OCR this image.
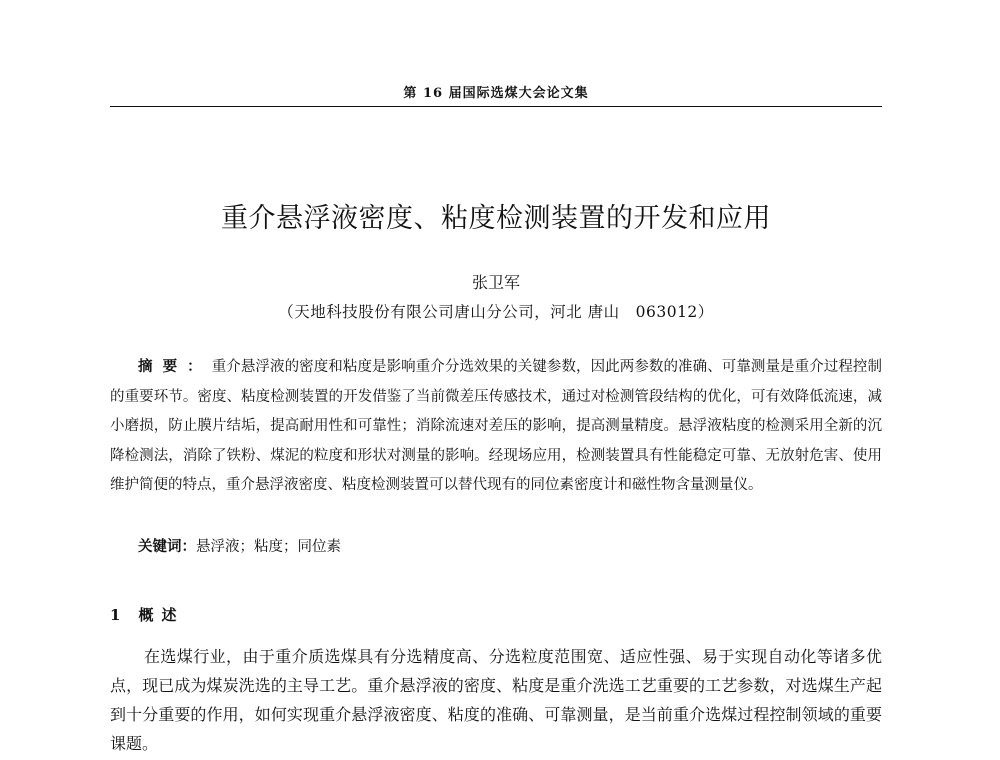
第 16 届国际选煤大会论文集
重介悬浮液密度、粘度检测装置的开发和应用
张卫军
（天地科技股份有限公司唐山分公司，河北 唐山　063012）

摘要：重介悬浮液的密度和粘度是影响重介分选效果的关键参数，因此两参数的准确、可靠测量是重介过程控制的重要环节。密度、粘度检测装置的开发借鉴了当前微差压传感技术，通过对检测管段结构的优化，可有效降低流速，减小磨损，防止膜片结垢，提高耐用性和可靠性；消除流速对差压的影响，提高测量精度。悬浮液粘度的检测采用全新的沉降检测法，消除了铁粉、煤泥的粒度和形状对测量的影响。经现场应用，检测装置具有性能稳定可靠、无放射危害、使用维护简便的特点，重介悬浮液密度、粘度检测装置可以替代现有的同位素密度计和磁性物含量测量仪。

关键词：悬浮液；粘度；同位素
1 概述

在选煤行业，由于重介质选煤具有分选精度高、分选粒度范围宽、适应性强、易于实现自动化等诸多优点，现已成为煤炭洗选的主导工艺。重介悬浮液的密度、粘度是重介洗选工艺重要的工艺参数，对选煤生产起到十分重要的作用，如何实现重介悬浮液密度、粘度的准确、可靠测量，是当前重介选煤过程控制领域的重要课题。
